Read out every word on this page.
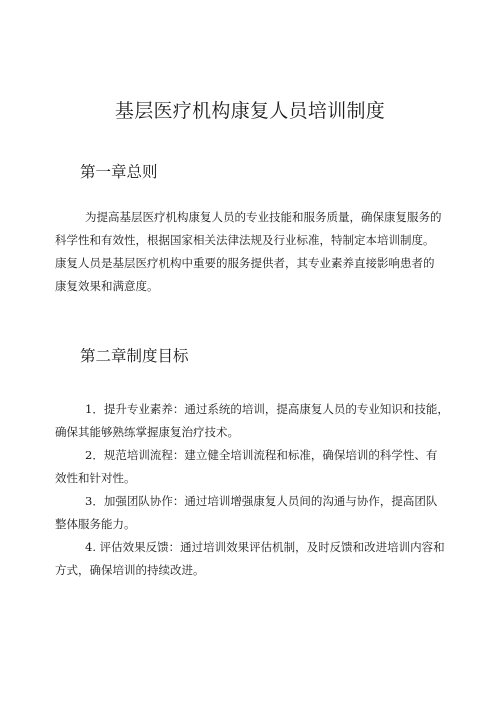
基层医疗机构康复人员培训制度
第一章总则
为提高基层医疗机构康复人员的专业技能和服务质量，确保康复服务的
科学性和有效性，根据国家相关法律法规及行业标准，特制定本培训制度。
康复人员是基层医疗机构中重要的服务提供者，其专业素养直接影响患者的
康复效果和满意度。
第二章制度目标
1．提升专业素养：通过系统的培训，提高康复人员的专业知识和技能，
确保其能够熟练掌握康复治疗技术。
2．规范培训流程：建立健全培训流程和标准，确保培训的科学性、有
效性和针对性。
3．加强团队协作：通过培训增强康复人员间的沟通与协作，提高团队
整体服务能力。
4. 评估效果反馈：通过培训效果评估机制，及时反馈和改进培训内容和
方式，确保培训的持续改进。
